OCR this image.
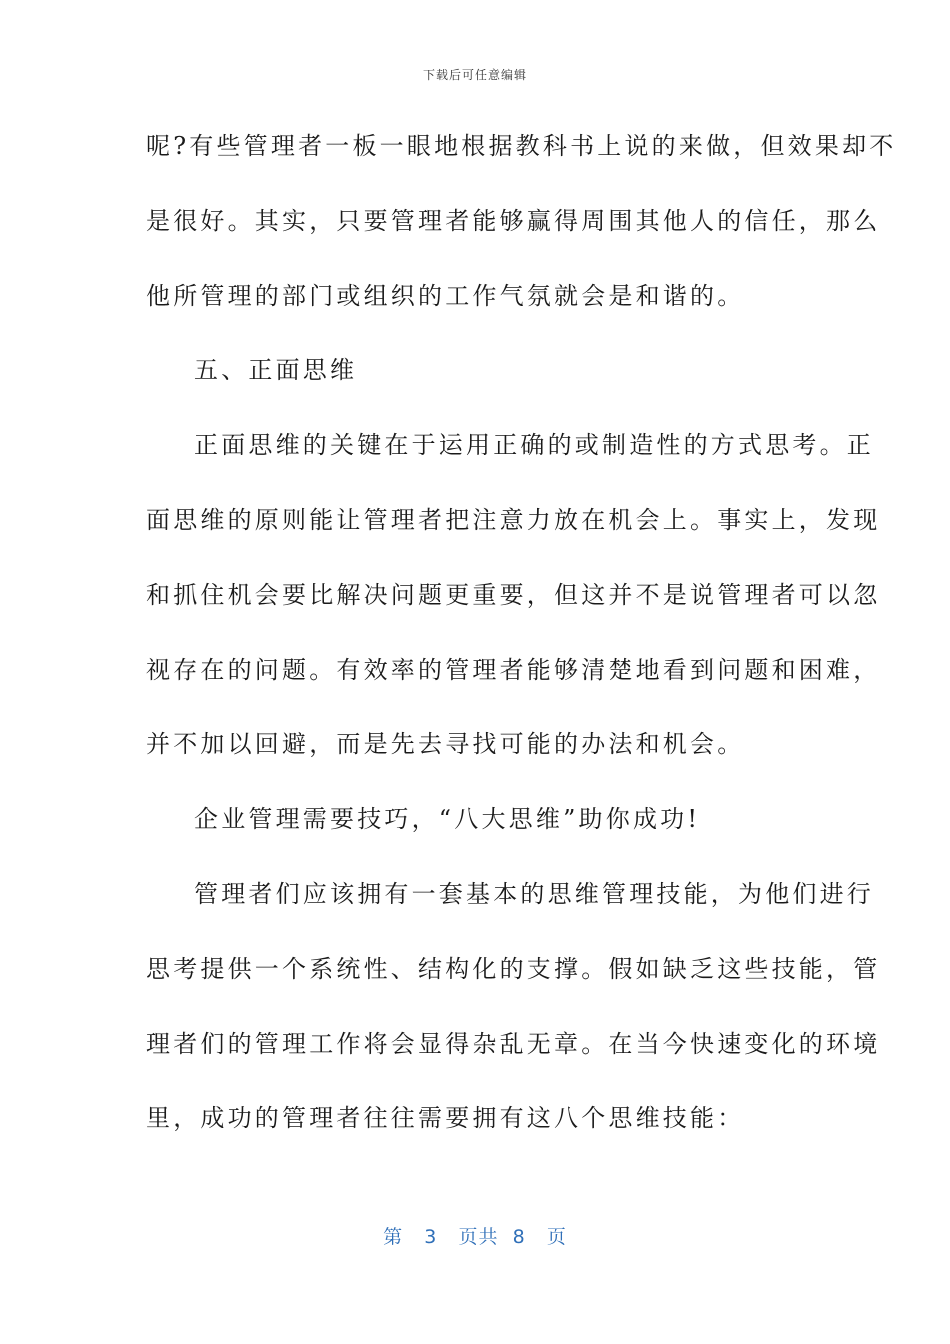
下载后可任意编辑
呢?有些管理者一板一眼地根据教科书上说的来做，但效果却不
是很好。其实，只要管理者能够赢得周围其他人的信任，那么
他所管理的部门或组织的工作气氛就会是和谐的。
五、正面思维
正面思维的关键在于运用正确的或制造性的方式思考。正
面思维的原则能让管理者把注意力放在机会上。事实上，发现
和抓住机会要比解决问题更重要，但这并不是说管理者可以忽
视存在的问题。有效率的管理者能够清楚地看到问题和困难，
并不加以回避，而是先去寻找可能的办法和机会。
企业管理需要技巧，“八大思维”助你成功!
管理者们应该拥有一套基本的思维管理技能，为他们进行
思考提供一个系统性、结构化的支撑。假如缺乏这些技能，管
理者们的管理工作将会显得杂乱无章。在当今快速变化的环境
里，成功的管理者往往需要拥有这八个思维技能：
第 3 页共 8 页
